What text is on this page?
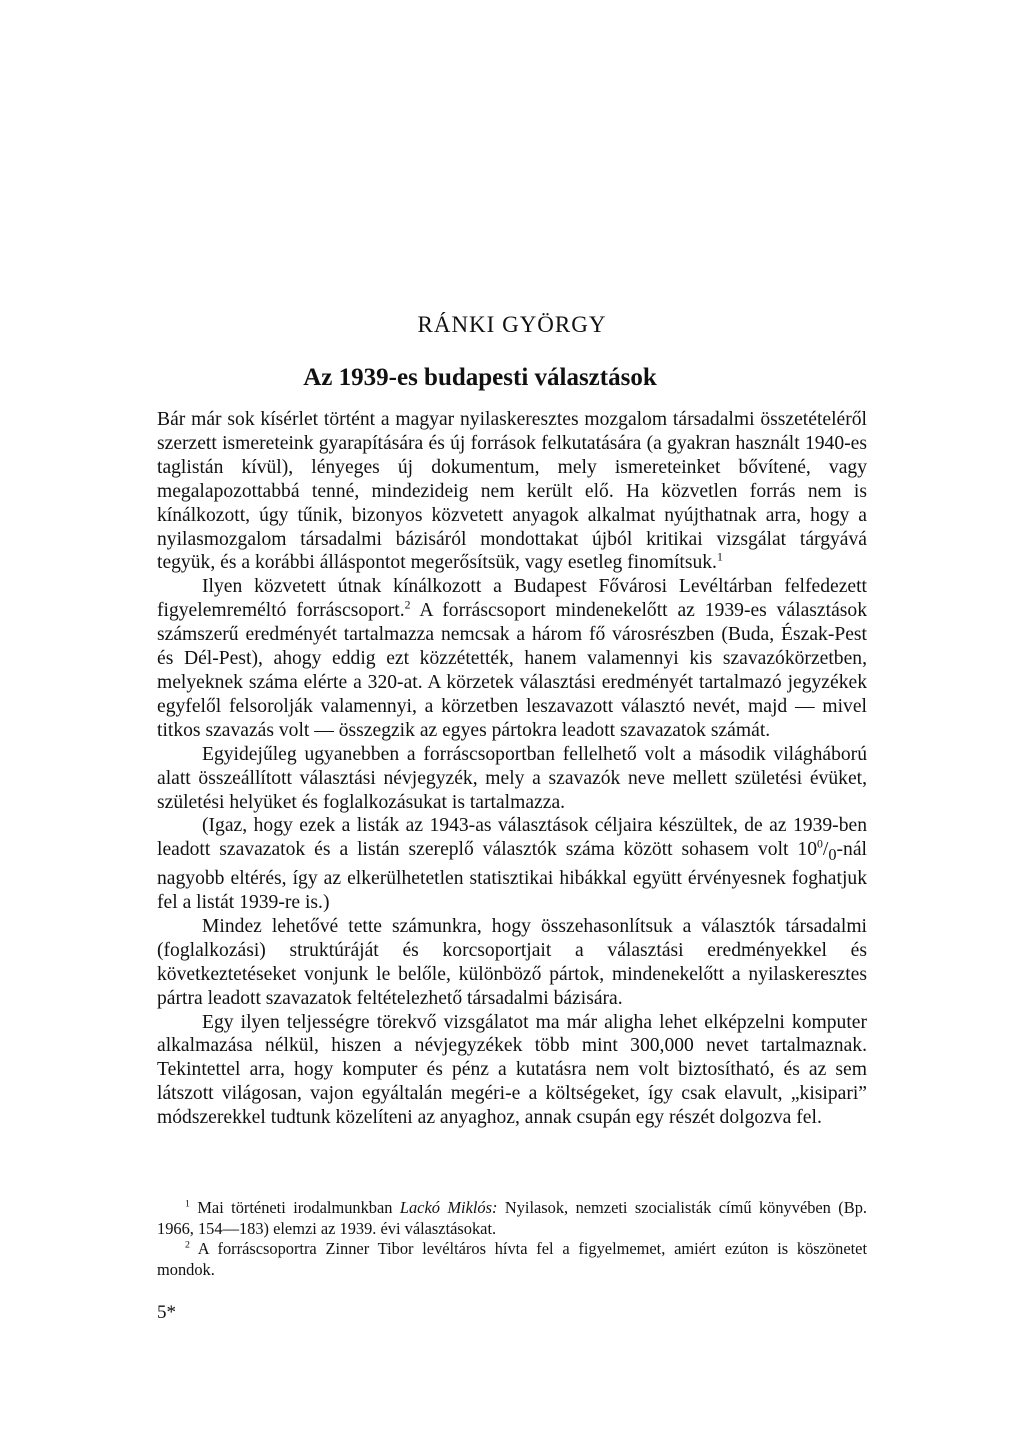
RÁNKI GYÖRGY
Az 1939-es budapesti választások

Bár már sok kísérlet történt a magyar nyilaskeresztes mozgalom társadalmi összetételéről szerzett ismereteink gyarapítására és új források felkutatására (a gyakran használt 1940-es taglistán kívül), lényeges új dokumentum, mely ismereteinket bővítené, vagy megalapozottabbá tenné, mindezideig nem került elő. Ha közvetlen forrás nem is kínálkozott, úgy tűnik, bizonyos közvetett anyagok alkalmat nyújthatnak arra, hogy a nyilasmozgalom társadalmi bázisáról mondottakat újból kritikai vizsgálat tárgyává tegyük, és a korábbi álláspontot megerősítsük, vagy esetleg finomítsuk.$^1$

Ilyen közvetett útnak kínálkozott a Budapest Fővárosi Levéltárban felfedezett figyelemreméltó forráscsoport.$^2$ A forráscsoport mindenekelőtt az 1939-es választások számszerű eredményét tartalmazza nemcsak a három fő városrészben (Buda, Észak-Pest és Dél-Pest), ahogy eddig ezt közzétették, hanem valamennyi kis szavazókörzetben, melyeknek száma elérte a 320-at. A körzetek választási eredményét tartalmazó jegyzékek egyfelől felsorolják valamennyi, a körzetben leszavazott választó nevét, majd — mivel titkos szavazás volt — összegzik az egyes pártokra leadott szavazatok számát.

Egyidejűleg ugyanebben a forráscsoportban fellelhető volt a második világháború alatt összeállított választási névjegyzék, mely a szavazók neve mellett születési évüket, születési helyüket és foglalkozásukat is tartalmazza.

(Igaz, hogy ezek a listák az 1943-as választások céljaira készültek, de az 1939-ben leadott szavazatok és a listán szereplő választók száma között sohasem volt $10^0/_0$-nál nagyobb eltérés, így az elkerülhetetlen statisztikai hibákkal együtt érvényesnek foghatjuk fel a listát 1939-re is.)

Mindez lehetővé tette számunkra, hogy összehasonlítsuk a választók társadalmi (foglalkozási) struktúráját és korcsoportjait a választási eredményekkel és következtetéseket vonjunk le belőle, különböző pártok, mindenekelőtt a nyilaskeresztes pártra leadott szavazatok feltételezhető társadalmi bázisára.

Egy ilyen teljességre törekvő vizsgálatot ma már aligha lehet elképzelni komputer alkalmazása nélkül, hiszen a névjegyzékek több mint 300,000 nevet tartalmaznak. Tekintettel arra, hogy komputer és pénz a kutatásra nem volt biztosítható, és az sem látszott világosan, vajon egyáltalán megéri-e a költségeket, így csak elavult, „kisipari” módszerekkel tudtunk közelíteni az anyaghoz, annak csupán egy részét dolgozva fel.

$^1$ Mai történeti irodalmunkban Lackó Miklós: Nyilasok, nemzeti szocialisták című könyvében (Bp. 1966, 154—183) elemzi az 1939. évi választásokat.

$^2$ A forráscsoportra Zinner Tibor levéltáros hívta fel a figyelmemet, amiért ezúton is köszönetet mondok.

5*
